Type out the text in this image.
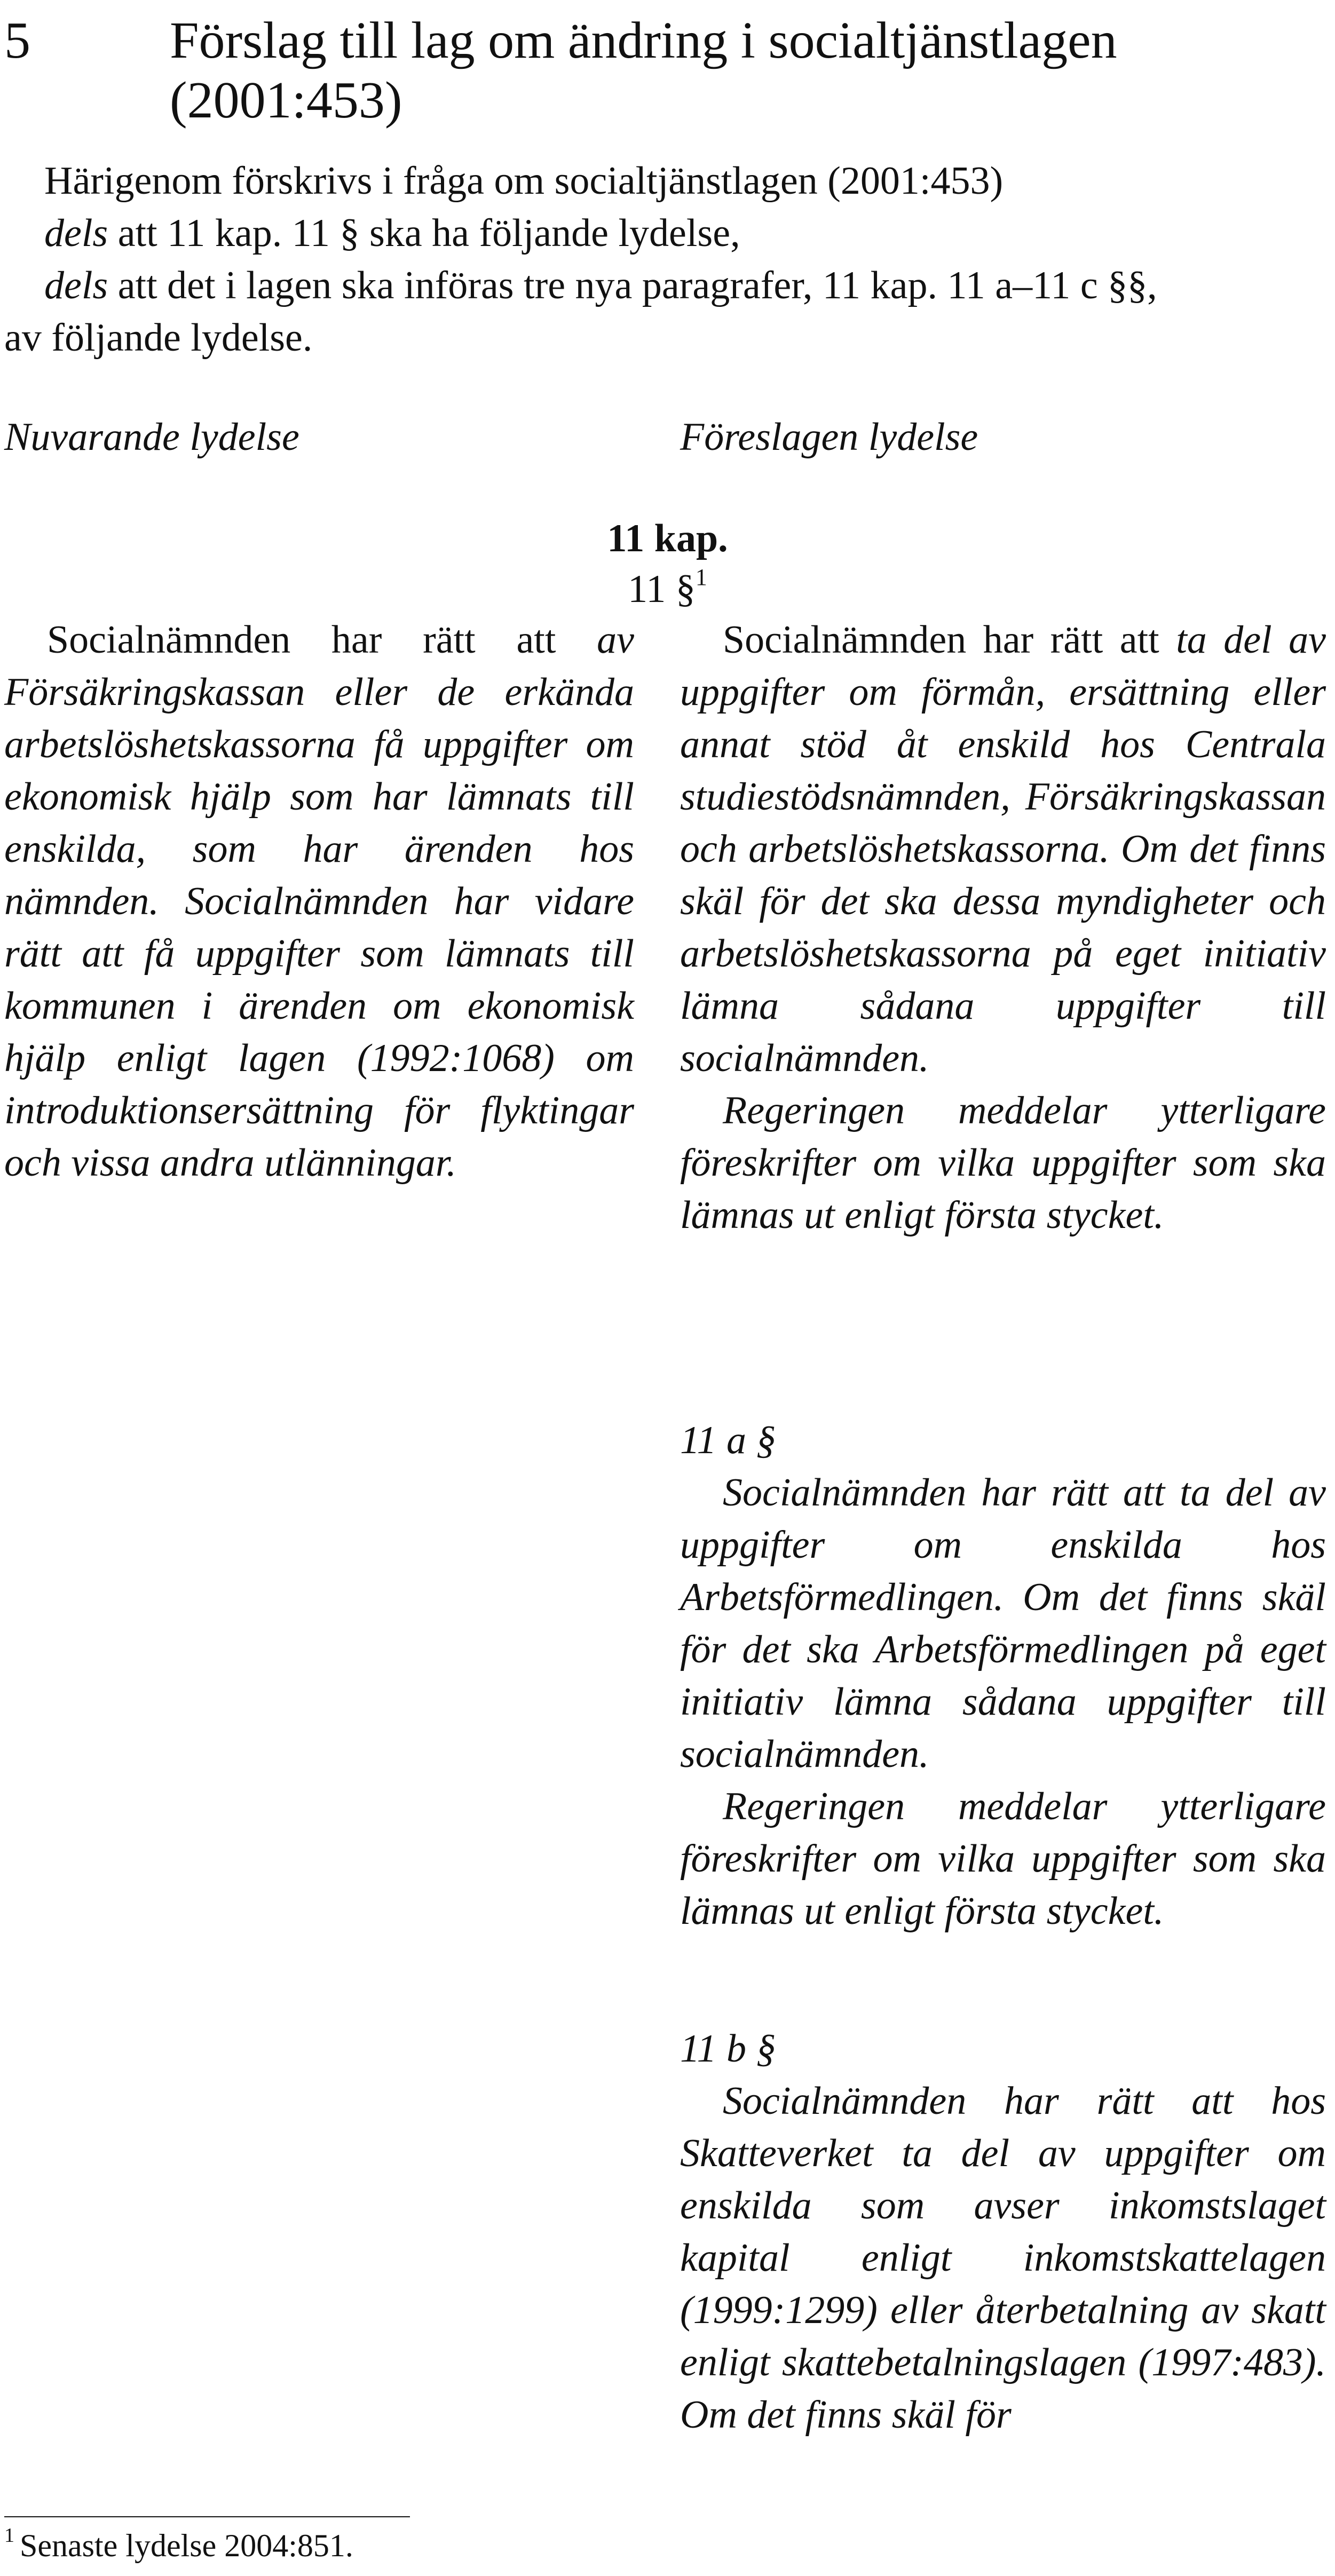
5	Förslag till lag om ändring i socialtjänstlagen
(2001:453)
Härigenom förskrivs i fråga om socialtjänstlagen (2001:453)
dels att 11 kap. 11 § ska ha följande lydelse,
dels att det i lagen ska införas tre nya paragrafer, 11 kap. 11 a–11 c §§,
av följande lydelse.
Nuvarande lydelse	Föreslagen lydelse
11 kap.
11 §$^1$
Socialnämnden har rätt att av Försäkringskassan eller de erkända arbetslöshetskassorna få uppgifter om ekonomisk hjälp som har lämnats till enskilda, som har ärenden hos nämnden. Socialnämnden har vidare rätt att få uppgifter som lämnats till kommunen i ärenden om ekonomisk hjälp enligt lagen (1992:1068) om introduktionsersättning för flyktingar och vissa andra utlänningar.

Socialnämnden har rätt att ta del av uppgifter om förmån, ersättning eller annat stöd åt enskild hos Centrala studiestödsnämnden, Försäkringskassan och arbetslöshetskassorna. Om det finns skäl för det ska dessa myndigheter och arbetslöshetskassorna på eget initiativ lämna sådana uppgifter till socialnämnden.

Regeringen meddelar ytterligare föreskrifter om vilka uppgifter som ska lämnas ut enligt första stycket.

11 a §

Socialnämnden har rätt att ta del av uppgifter om enskilda hos Arbetsförmedlingen. Om det finns skäl för det ska Arbetsförmedlingen på eget initiativ lämna sådana uppgifter till socialnämnden.

Regeringen meddelar ytterligare föreskrifter om vilka uppgifter som ska lämnas ut enligt första stycket.

11 b §

Socialnämnden har rätt att hos Skatteverket ta del av uppgifter om enskilda som avser inkomstslaget kapital enligt inkomstskattelagen (1999:1299) eller återbetalning av skatt enligt skattebetalningslagen (1997:483). Om det finns skäl för

$^1$ Senaste lydelse 2004:851.
